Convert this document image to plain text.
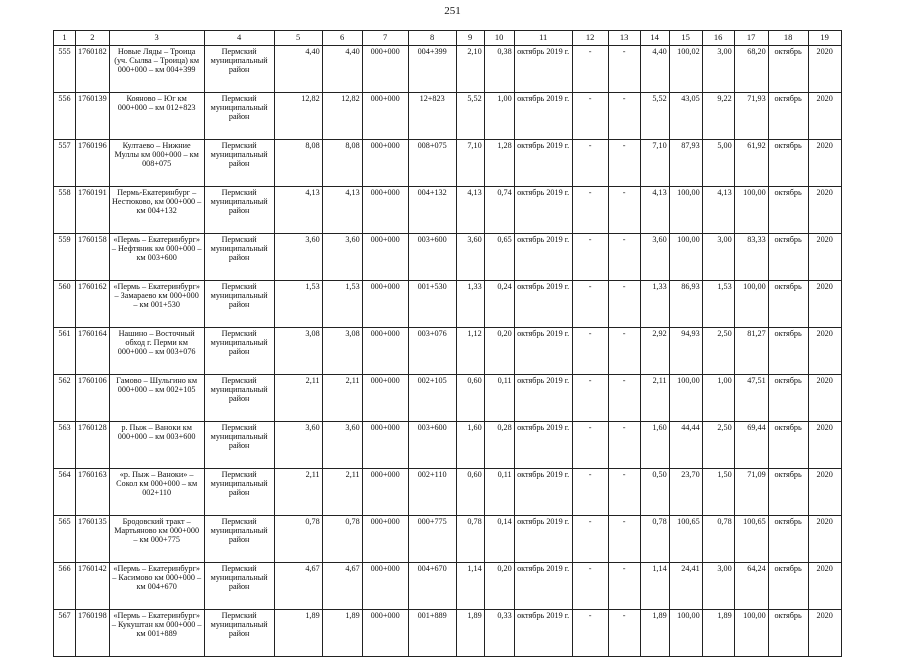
251
1	2	3	4	5	6	7	8	9	10	11	12	13	14	15	16	17	18	19
555	1760182	Новые Ляды – Троица (уч. Сылва – Троица) км 000+000 – км 004+399	Пермский муниципальный район	4,40	4,40	000+000	004+399	2,10	0,38	октябрь 2019 г.	-	-	4,40	100,02	3,00	68,20	октябрь	2020
556	1760139	Кояново – Юг км 000+000 – км 012+823	Пермский муниципальный район	12,82	12,82	000+000	12+823	5,52	1,00	октябрь 2019 г.	-	-	5,52	43,05	9,22	71,93	октябрь	2020
557	1760196	Култаево – Нижние Муллы км 000+000 – км 008+075	Пермский муниципальный район	8,08	8,08	000+000	008+075	7,10	1,28	октябрь 2019 г.	-	-	7,10	87,93	5,00	61,92	октябрь	2020
558	1760191	Пермь-Екатеринбург – Нестюково, км 000+000 – км 004+132	Пермский муниципальный район	4,13	4,13	000+000	004+132	4,13	0,74	октябрь 2019 г.	-	-	4,13	100,00	4,13	100,00	октябрь	2020
559	1760158	«Пермь – Екатеринбург» – Нефтяник км 000+000 – км 003+600	Пермский муниципальный район	3,60	3,60	000+000	003+600	3,60	0,65	октябрь 2019 г.	-	-	3,60	100,00	3,00	83,33	октябрь	2020
560	1760162	«Пермь – Екатеринбург» – Замараево км 000+000 – км 001+530	Пермский муниципальный район	1,53	1,53	000+000	001+530	1,33	0,24	октябрь 2019 г.	-	-	1,33	86,93	1,53	100,00	октябрь	2020
561	1760164	Нашино – Восточный обход г. Перми км 000+000 – км 003+076	Пермский муниципальный район	3,08	3,08	000+000	003+076	1,12	0,20	октябрь 2019 г.	-	-	2,92	94,93	2,50	81,27	октябрь	2020
562	1760106	Гамово – Шульгино км 000+000 – км 002+105	Пермский муниципальный район	2,11	2,11	000+000	002+105	0,60	0,11	октябрь 2019 г.	-	-	2,11	100,00	1,00	47,51	октябрь	2020
563	1760128	р. Пыж – Ваноки км 000+000 – км 003+600	Пермский муниципальный район	3,60	3,60	000+000	003+600	1,60	0,28	октябрь 2019 г.	-	-	1,60	44,44	2,50	69,44	октябрь	2020
564	1760163	«р. Пыж – Ваноки» – Сокол км 000+000 – км 002+110	Пермский муниципальный район	2,11	2,11	000+000	002+110	0,60	0,11	октябрь 2019 г.	-	-	0,50	23,70	1,50	71,09	октябрь	2020
565	1760135	Бродовский тракт – Мартьяново км 000+000 – км 000+775	Пермский муниципальный район	0,78	0,78	000+000	000+775	0,78	0,14	октябрь 2019 г.	-	-	0,78	100,65	0,78	100,65	октябрь	2020
566	1760142	«Пермь – Екатеринбург» – Касимово км 000+000 – км 004+670	Пермский муниципальный район	4,67	4,67	000+000	004+670	1,14	0,20	октябрь 2019 г.	-	-	1,14	24,41	3,00	64,24	октябрь	2020
567	1760198	«Пермь – Екатеринбург» – Кукуштан км 000+000 – км 001+889	Пермский муниципальный район	1,89	1,89	000+000	001+889	1,89	0,33	октябрь 2019 г.	-	-	1,89	100,00	1,89	100,00	октябрь	2020
